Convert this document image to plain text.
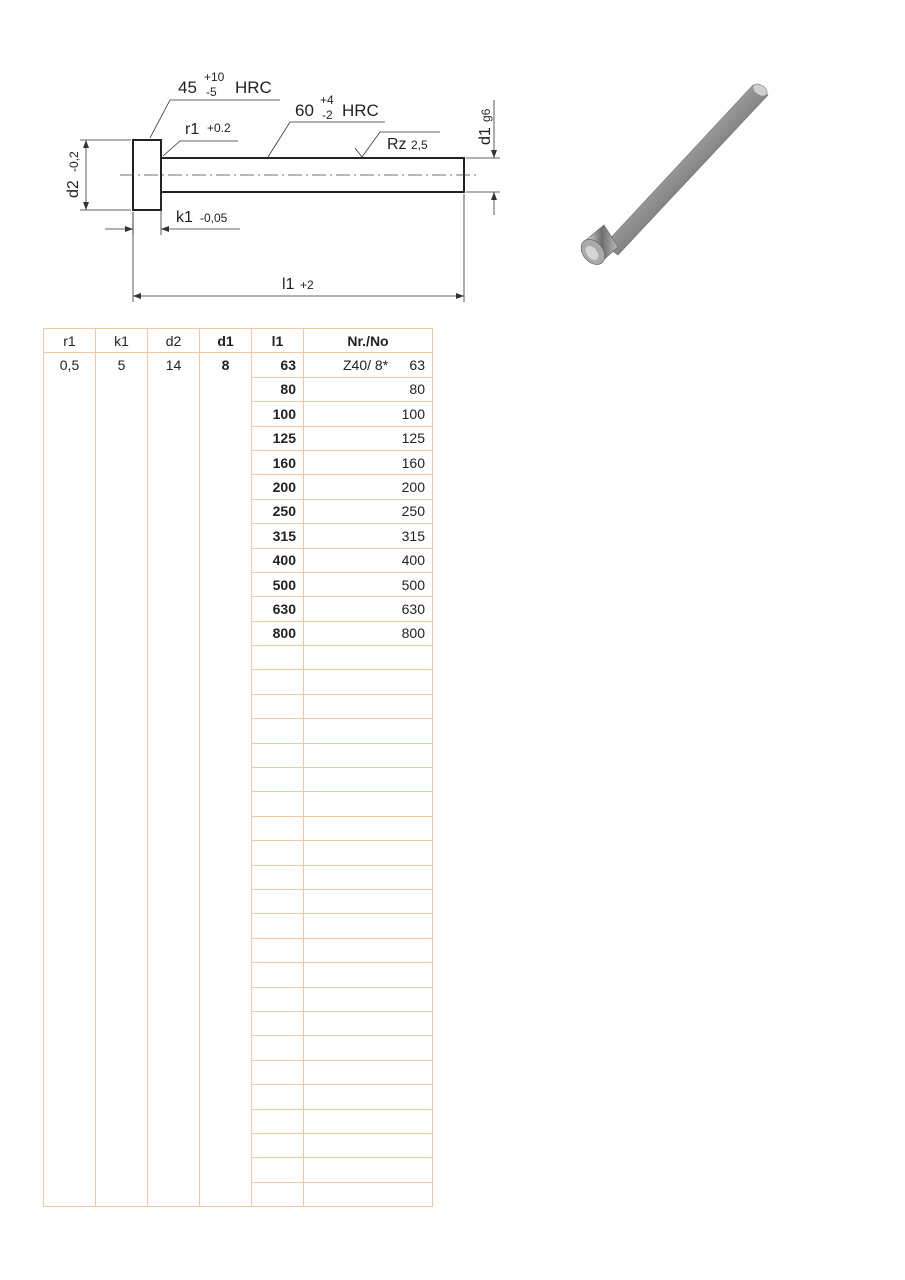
45
+10
-5 HRC
60
+4
-2 HRC
r1 +0.2
Rz 2,5	d1
g6
d2
-0,2
k1 -0,05
l1 +2
r1	k1	d2	d1	l1	Nr./No
0,5	5	14	8	63	Z40/ 8* 63
				80	80
				100	100
				125	125
				160	160
				200	200
				250	250
				315	315
				400	400
				500	500
				630	630
				800	800
